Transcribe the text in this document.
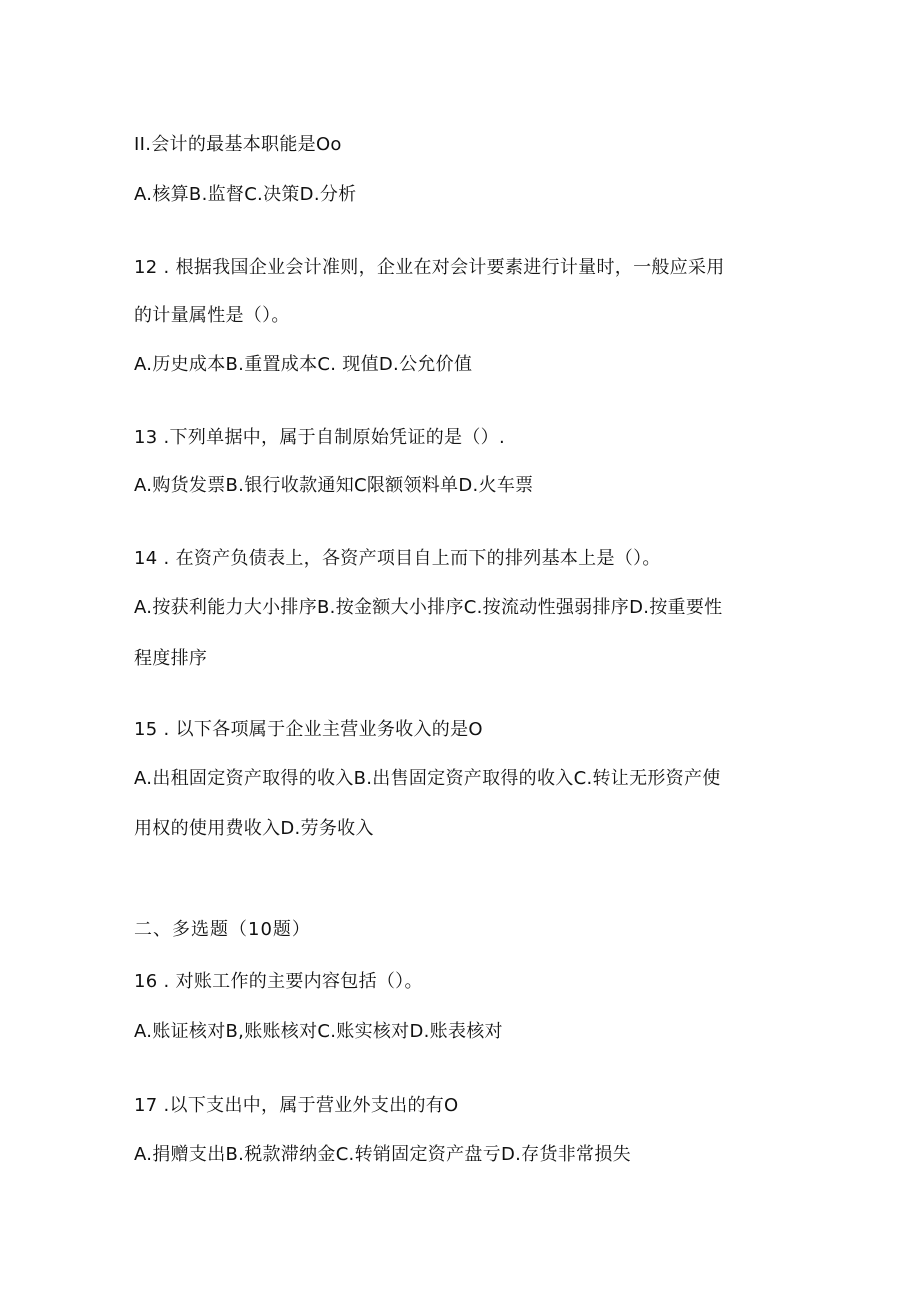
II.会计的最基本职能是Oo
A.核算B.监督C.决策D.分析
12 . 根据我国企业会计准则，企业在对会计要素进行计量时，一般应采用
的计量属性是（）。
A.历史成本B.重置成本C. 现值D.公允价值
13 .下列单据中，属于自制原始凭证的是（）.
A.购货发票B.银行收款通知C限额领料单D.火车票
14 . 在资产负债表上，各资产项目自上而下的排列基本上是（）。
A.按获利能力大小排序B.按金额大小排序C.按流动性强弱排序D.按重要性
程度排序
15 . 以下各项属于企业主营业务收入的是O
A.出租固定资产取得的收入B.出售固定资产取得的收入C.转让无形资产使
用权的使用费收入D.劳务收入
二、多选题（10题）
16 . 对账工作的主要内容包括（）。
A.账证核对B,账账核对C.账实核对D.账表核对
17 .以下支出中，属于营业外支出的有O
A.捐赠支出B.税款滞纳金C.转销固定资产盘亏D.存货非常损失
